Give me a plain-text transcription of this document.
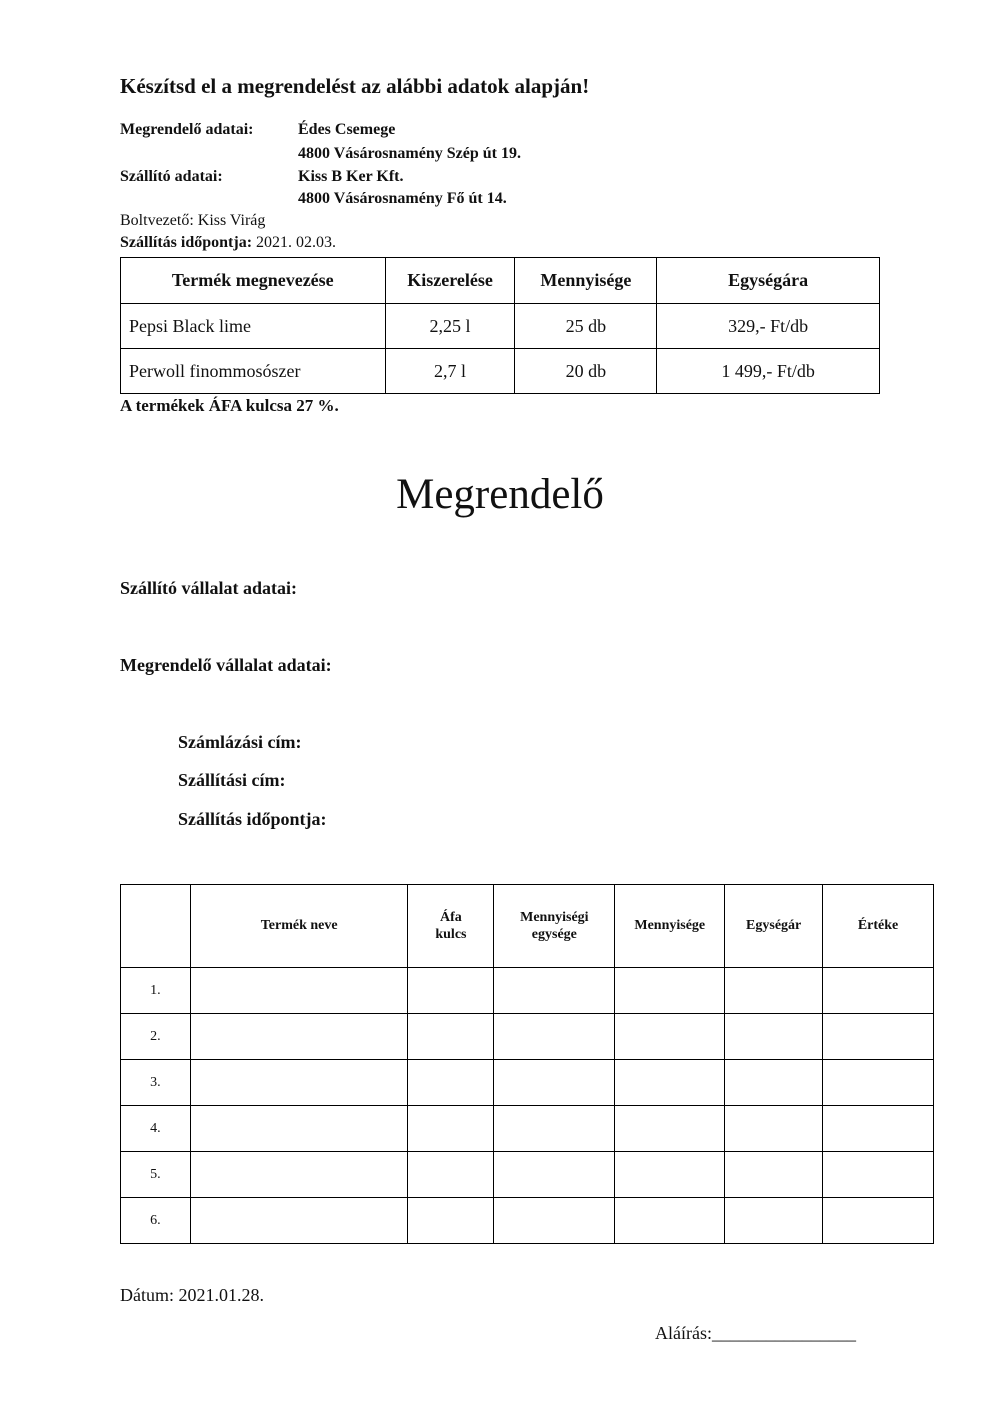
Készítsd el a megrendelést az alábbi adatok alapján!
Megrendelő adatai:	Édes Csemege
4800 Vásárosnamény Szép út 19.
Szállító adatai:	Kiss B Ker Kft.
4800 Vásárosnamény Fő út 14.
Boltvezető: Kiss Virág
Szállítás időpontja: 2021. 02.03.
Termék megnevezése	Kiszerelése	Mennyisége	Egységára
Pepsi Black lime	2,25 l	25 db	329,- Ft/db
Perwoll finommosószer	2,7 l	20 db	1 499,- Ft/db
A termékek ÁFA kulcsa 27 %.
Megrendelő
Szállító vállalat adatai:
Megrendelő vállalat adatai:
Számlázási cím:
Szállítási cím:
Szállítás időpontja:
	Termék neve	Áfa kulcs	Mennyiségi egysége	Mennyisége	Egységár	Értéke
1.						
2.						
3.						
4.						
5.						
6.						
Dátum: 2021.01.28.
Aláírás:________________
